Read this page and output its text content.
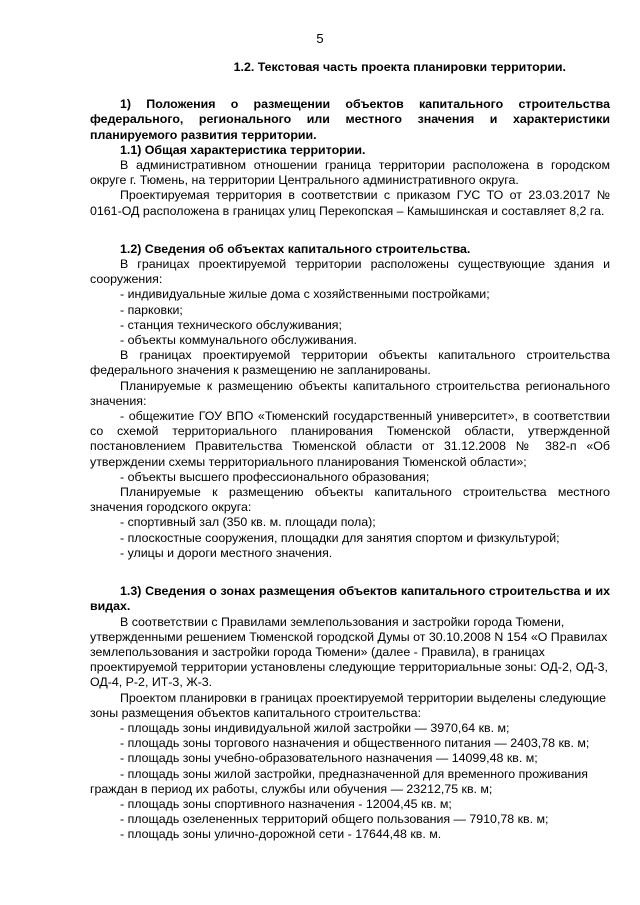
5

1.2. Текстовая часть проекта планировки территории.

1) Положения о размещении объектов капитального строительства федерального, регионального или местного значения и характеристики планируемого развития территории.

1.1) Общая характеристика территории.

В административном отношении граница территории расположена в городском округе г. Тюмень, на территории Центрального административного округа.

Проектируемая территория в соответствии с приказом ГУС ТО от 23.03.2017 № 0161-ОД расположена в границах улиц Перекопская – Камышинская и составляет 8,2 га.

1.2) Сведения об объектах капитального строительства.

В границах проектируемой территории расположены существующие здания и сооружения:

- индивидуальные жилые дома с хозяйственными постройками;

- парковки;

- станция технического обслуживания;

- объекты коммунального обслуживания.

В границах проектируемой территории объекты капитального строительства федерального значения к размещению не запланированы.

Планируемые к размещению объекты капитального строительства регионального значения:

- общежитие ГОУ ВПО «Тюменский государственный университет», в соответствии со схемой территориального планирования Тюменской области, утвержденной постановлением Правительства Тюменской области от 31.12.2008 № 382-п «Об утверждении схемы территориального планирования Тюменской области»;

- объекты высшего профессионального образования;

Планируемые к размещению объекты капитального строительства местного значения городского округа:

- спортивный зал (350 кв. м. площади пола);

- плоскостные сооружения, площадки для занятия спортом и физкультурой;

- улицы и дороги местного значения.

1.3) Сведения о зонах размещения объектов капитального строительства и их видах.

В соответствии с Правилами землепользования и застройки города Тюмени, утвержденными решением Тюменской городской Думы от 30.10.2008 N 154 «О Правилах землепользования и застройки города Тюмени» (далее - Правила), в границах проектируемой территории установлены следующие территориальные зоны: ОД-2, ОД-3, ОД-4, Р-2, ИТ-3, Ж-3.

Проектом планировки в границах проектируемой территории выделены следующие зоны размещения объектов капитального строительства:

- площадь зоны индивидуальной жилой застройки — 3970,64 кв. м;

- площадь зоны торгового назначения и общественного питания — 2403,78 кв. м;

- площадь зоны учебно-образовательного назначения — 14099,48 кв. м;

- площадь зоны жилой застройки, предназначенной для временного проживания граждан в период их работы, службы или обучения — 23212,75 кв. м;

- площадь зоны спортивного назначения - 12004,45 кв. м;

- площадь озелененных территорий общего пользования — 7910,78 кв. м;

- площадь зоны улично-дорожной сети - 17644,48 кв. м.
